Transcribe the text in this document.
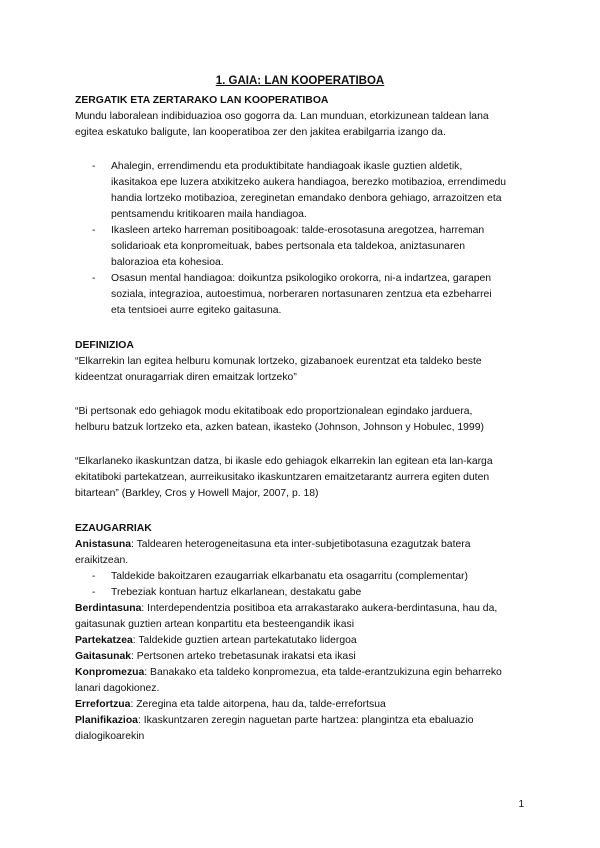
1. GAIA: LAN KOOPERATIBOA
ZERGATIK ETA ZERTARAKO LAN KOOPERATIBOA
Mundu laboralean indibiduazioa oso gogorra da. Lan munduan, etorkizunean taldean lana
egitea eskatuko baligute, lan kooperatiboa zer den jakitea erabilgarria izango da.
- Ahalegin, errendimendu eta produktibitate handiagoak ikasle guztien aldetik,
ikasitakoa epe luzera atxikitzeko aukera handiagoa, berezko motibazioa, errendimedu
handia lortzeko motibazioa, zereginetan emandako denbora gehiago, arrazoitzen eta
pentsamendu kritikoaren maila handiagoa.
- Ikasleen arteko harreman positiboagoak: talde-erosotasuna aregotzea, harreman
solidarioak eta konpromeituak, babes pertsonala eta taldekoa, aniztasunaren
balorazioa eta kohesioa.
- Osasun mental handiagoa: doikuntza psikologiko orokorra, ni-a indartzea, garapen
soziala, integrazioa, autoestimua, norberaren nortasunaren zentzua eta ezbeharrei
eta tentsioei aurre egiteko gaitasuna.
DEFINIZIOA
“Elkarrekin lan egitea helburu komunak lortzeko, gizabanoek eurentzat eta taldeko beste
kideentzat onuragarriak diren emaitzak lortzeko”
“Bi pertsonak edo gehiagok modu ekitatiboak edo proportzionalean egindako jarduera,
helburu batzuk lortzeko eta, azken batean, ikasteko (Johnson, Johnson y Hobulec, 1999)
“Elkarlaneko ikaskuntzan datza, bi ikasle edo gehiagok elkarrekin lan egitean eta lan-karga
ekitatiboki partekatzean, aurreikusitako ikaskuntzaren emaitzetarantz aurrera egiten duten
bitartean” (Barkley, Cros y Howell Major, 2007, p. 18)
EZAUGARRIAK
Anistasuna: Taldearen heterogeneitasuna eta inter-subjetibotasuna ezagutzak batera
eraikitzean.
- Taldekide bakoitzaren ezaugarriak elkarbanatu eta osagarritu (complementar)
- Trebeziak kontuan hartuz elkarlanean, destakatu gabe
Berdintasuna: Interdependentzia positiboa eta arrakastarako aukera-berdintasuna, hau da,
gaitasunak guztien artean konpartitu eta besteengandik ikasi
Partekatzea: Taldekide guztien artean partekatutako lidergoa
Gaitasunak: Pertsonen arteko trebetasunak irakatsi eta ikasi
Konpromezua: Banakako eta taldeko konpromezua, eta talde-erantzukizuna egin beharreko
lanari dagokionez.
Errefortzua: Zeregina eta talde aitorpena, hau da, talde-errefortsua
Planifikazioa: Ikaskuntzaren zeregin naguetan parte hartzea: plangintza eta ebaluazio
dialogikoarekin
1
